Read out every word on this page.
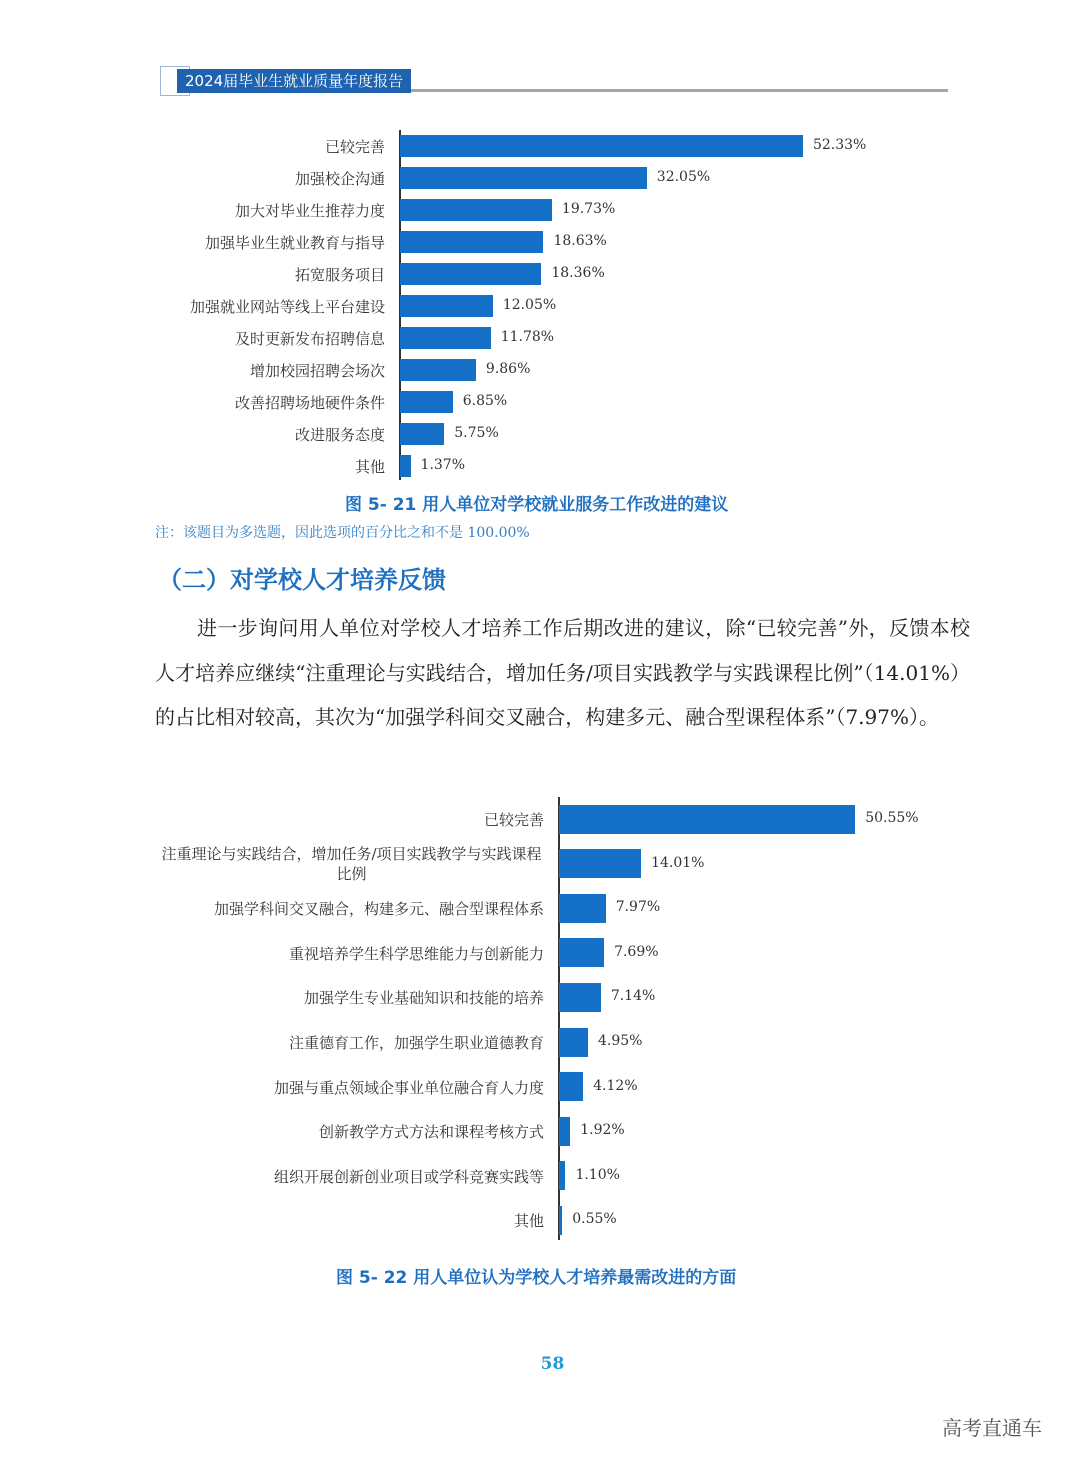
2024届毕业生就业质量年度报告
已较完善	52.33%
加强校企沟通	32.05%
加大对毕业生推荐力度	19.73%
加强毕业生就业教育与指导	18.63%
拓宽服务项目	18.36%
加强就业网站等线上平台建设	12.05%
及时更新发布招聘信息	11.78%
增加校园招聘会场次	9.86%
改善招聘场地硬件条件	6.85%
改进服务态度	5.75%
其他	1.37%
图 5- 21 用人单位对学校就业服务工作改进的建议
注：该题目为多选题，因此选项的百分比之和不是 100.00%
（二）对学校人才培养反馈
进一步询问用人单位对学校人才培养工作后期改进的建议，除“已较完善”外，反馈本校人才培养应继续“注重理论与实践结合，增加任务/项目实践教学与实践课程比例”（14.01%）的占比相对较高，其次为“加强学科间交叉融合，构建多元、融合型课程体系”（7.97%）。
已较完善	50.55%
注重理论与实践结合，增加任务/项目实践教学与实践课程比例
14.01%
加强学科间交叉融合，构建多元、融合型课程体系	7.97%
重视培养学生科学思维能力与创新能力	7.69%
加强学生专业基础知识和技能的培养	7.14%
注重德育工作，加强学生职业道德教育	4.95%
加强与重点领域企事业单位融合育人力度	4.12%
创新教学方式方法和课程考核方式	1.92%
组织开展创新创业项目或学科竞赛实践等 1.10%
其他 0.55%
图 5- 22 用人单位认为学校人才培养最需改进的方面
58
高考直通车
